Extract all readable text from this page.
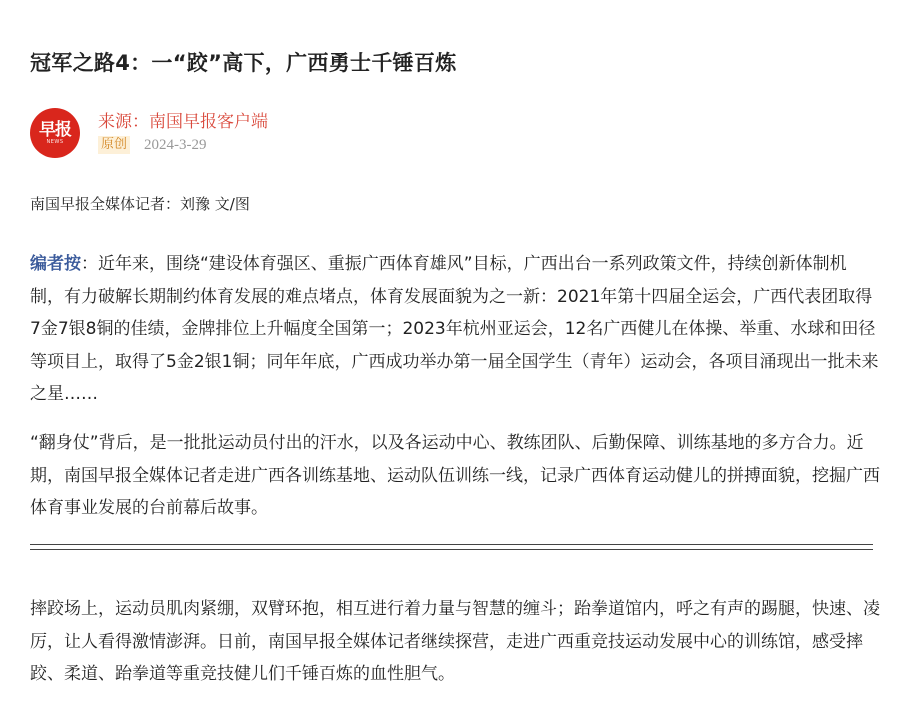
冠军之路4：一“跤”高下，广西勇士千锤百炼
早报
NEWS
来源：南国早报客户端
原创 2024-3-29
南国早报全媒体记者：刘豫 文/图

编者按：近年来，围绕“建设体育强区、重振广西体育雄风”目标，广西出台一系列政策文件，持续创新体制机制，有力破解长期制约体育发展的难点堵点，体育发展面貌为之一新：2021年第十四届全运会，广西代表团取得7金7银8铜的佳绩，金牌排位上升幅度全国第一；2023年杭州亚运会，12名广西健儿在体操、举重、水球和田径等项目上，取得了5金2银1铜；同年年底，广西成功举办第一届全国学生（青年）运动会，各项目涌现出一批未来之星……

“翻身仗”背后，是一批批运动员付出的汗水，以及各运动中心、教练团队、后勤保障、训练基地的多方合力。近期，南国早报全媒体记者走进广西各训练基地、运动队伍训练一线，记录广西体育运动健儿的拼搏面貌，挖掘广西体育事业发展的台前幕后故事。

摔跤场上，运动员肌肉紧绷，双臂环抱，相互进行着力量与智慧的缠斗；跆拳道馆内，呼之有声的踢腿，快速、凌厉，让人看得激情澎湃。日前，南国早报全媒体记者继续探营，走进广西重竞技运动发展中心的训练馆，感受摔跤、柔道、跆拳道等重竞技健儿们千锤百炼的血性胆气。
